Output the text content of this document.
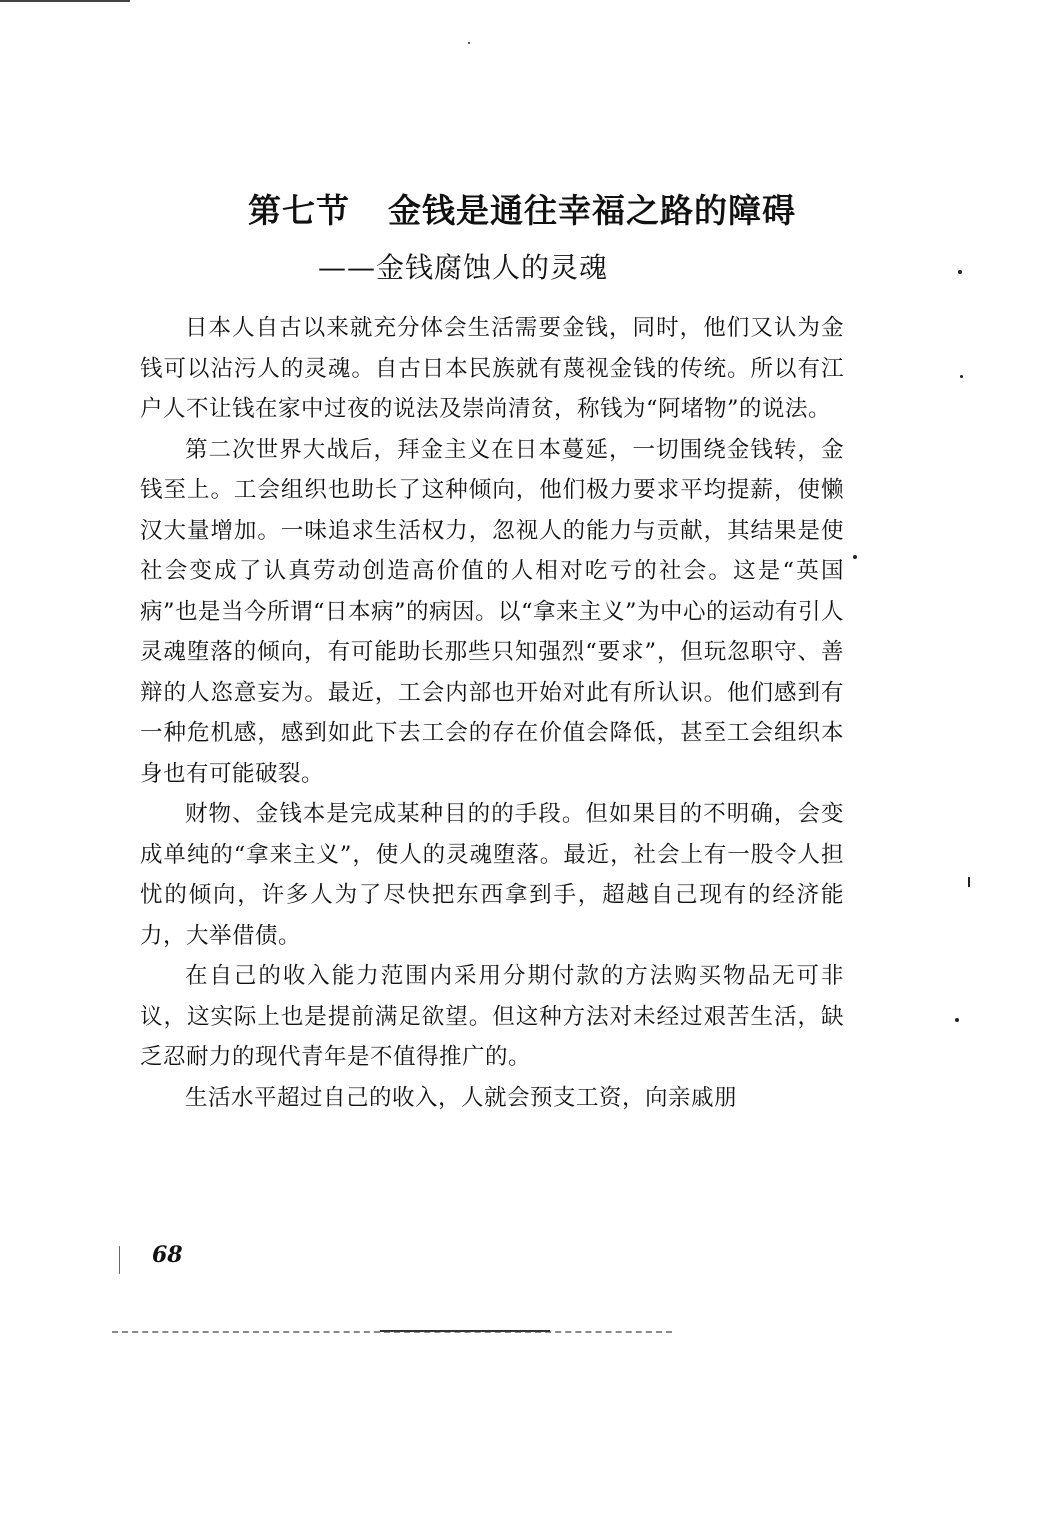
第七节 金钱是通往幸福之路的障碍
——金钱腐蚀人的灵魂

日本人自古以来就充分体会生活需要金钱，同时，他们又认为金钱可以沾污人的灵魂。自古日本民族就有蔑视金钱的传统。所以有江户人不让钱在家中过夜的说法及崇尚清贫，称钱为“阿堵物”的说法。

第二次世界大战后，拜金主义在日本蔓延，一切围绕金钱转，金钱至上。工会组织也助长了这种倾向，他们极力要求平均提薪，使懒汉大量增加。一味追求生活权力，忽视人的能力与贡献，其结果是使社会变成了认真劳动创造高价值的人相对吃亏的社会。这是“英国病”也是当今所谓“日本病”的病因。以“拿来主义”为中心的运动有引人灵魂堕落的倾向，有可能助长那些只知强烈“要求”，但玩忽职守、善辩的人恣意妄为。最近，工会内部也开始对此有所认识。他们感到有一种危机感，感到如此下去工会的存在价值会降低，甚至工会组织本身也有可能破裂。

财物、金钱本是完成某种目的的手段。但如果目的不明确，会变成单纯的“拿来主义”，使人的灵魂堕落。最近，社会上有一股令人担忧的倾向，许多人为了尽快把东西拿到手，超越自己现有的经济能力，大举借债。

在自己的收入能力范围内采用分期付款的方法购买物品无可非议，这实际上也是提前满足欲望。但这种方法对未经过艰苦生活，缺乏忍耐力的现代青年是不值得推广的。

生活水平超过自己的收入，人就会预支工资，向亲戚朋

68
